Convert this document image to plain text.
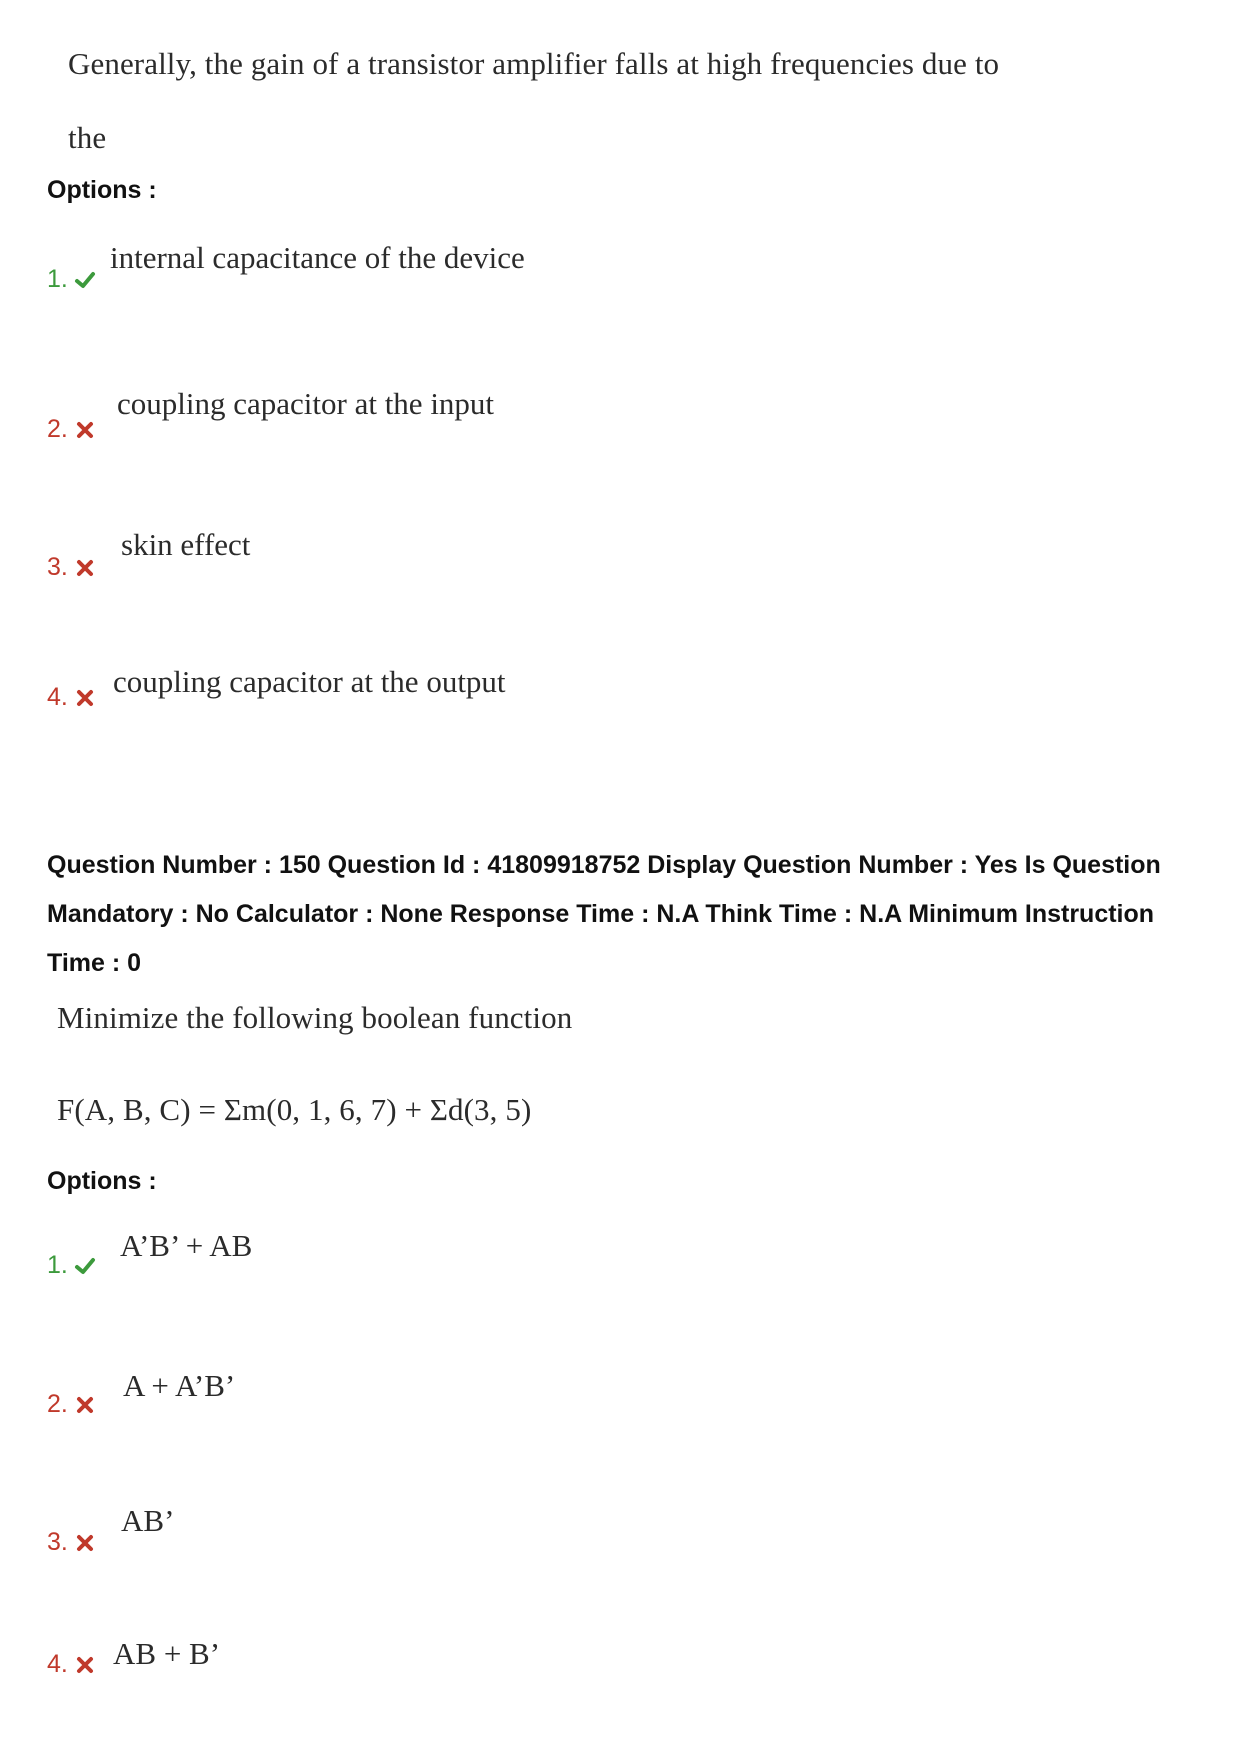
Generally, the gain of a transistor amplifier falls at high frequencies due to
the
Options :
1.
internal capacitance of the device
2.
coupling capacitor at the input
3.
skin effect
4. coupling capacitor at the output
Question Number : 150 Question Id : 41809918752 Display Question Number : Yes Is Question
Mandatory : No Calculator : None Response Time : N.A Think Time : N.A Minimum Instruction
Time : 0
Minimize the following boolean function
F(A, B, C) = Σm(0, 1, 6, 7) + Σd(3, 5)
Options :
1.
A’B’ + AB
2.
A + A’B’
3.
AB’
4. AB + B’
